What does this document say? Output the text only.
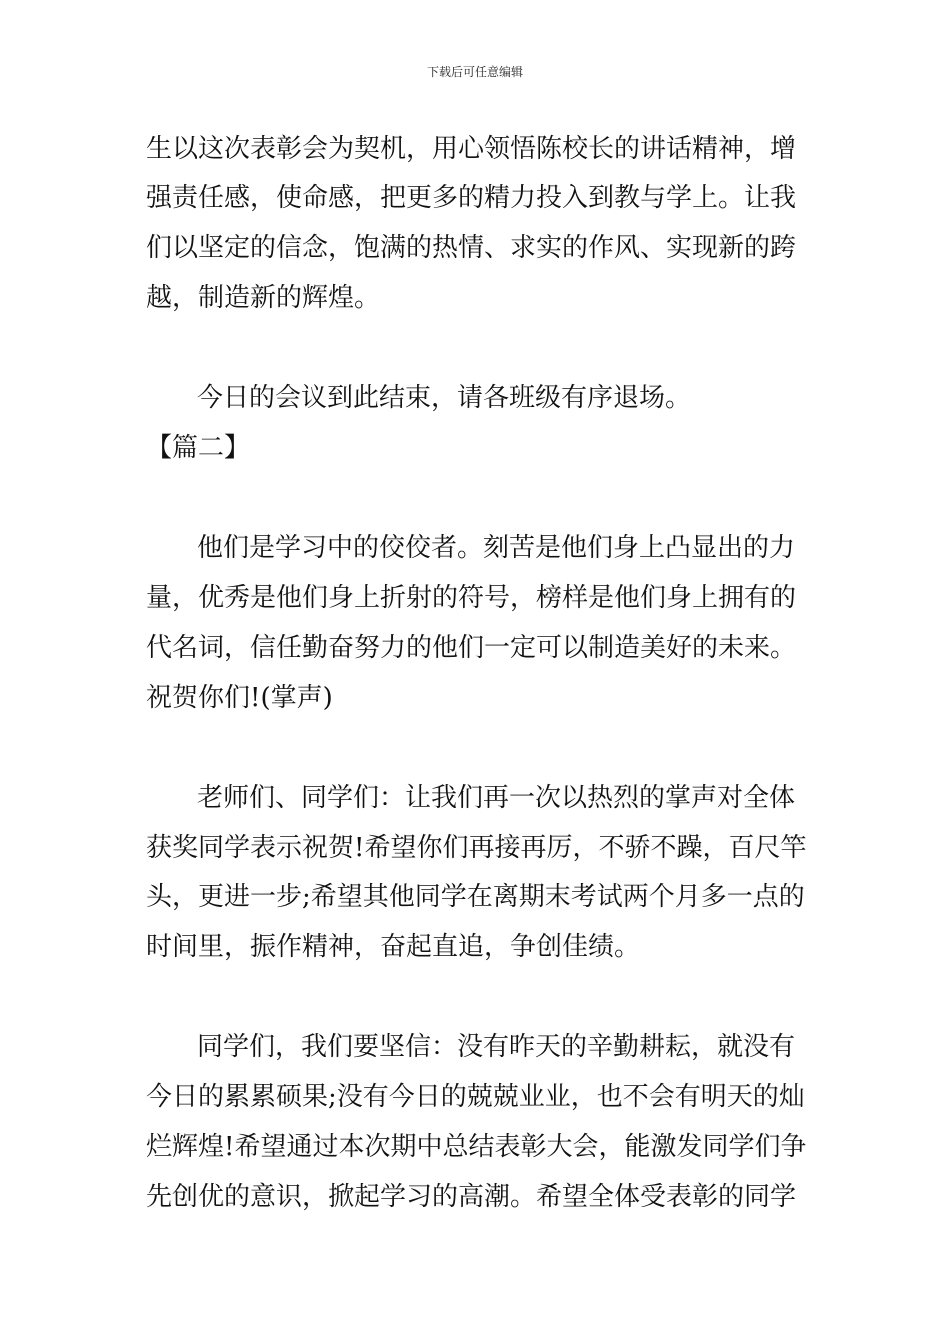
下载后可任意编辑
生以这次表彰会为契机，用心领悟陈校长的讲话精神，增
强责任感，使命感，把更多的精力投入到教与学上。让我
们以坚定的信念，饱满的热情、求实的作风、实现新的跨
越，制造新的辉煌。
今日的会议到此结束，请各班级有序退场。
【篇二】
他们是学习中的佼佼者。刻苦是他们身上凸显出的力
量，优秀是他们身上折射的符号，榜样是他们身上拥有的
代名词，信任勤奋努力的他们一定可以制造美好的未来。
祝贺你们!(掌声)
老师们、同学们：让我们再一次以热烈的掌声对全体
获奖同学表示祝贺!希望你们再接再厉，不骄不躁，百尺竿
头，更进一步;希望其他同学在离期末考试两个月多一点的
时间里，振作精神，奋起直追，争创佳绩。
同学们，我们要坚信：没有昨天的辛勤耕耘，就没有
今日的累累硕果;没有今日的兢兢业业，也不会有明天的灿
烂辉煌!希望通过本次期中总结表彰大会，能激发同学们争
先创优的意识，掀起学习的高潮。希望全体受表彰的同学
